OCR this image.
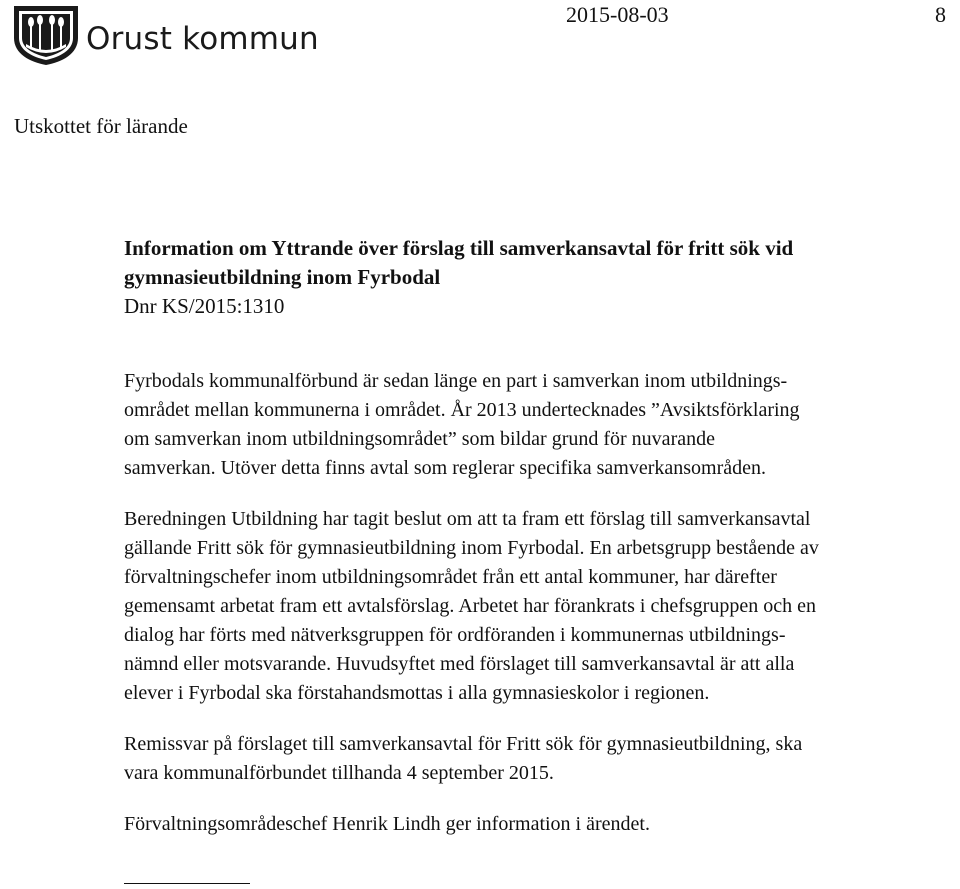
Orust kommun
2015-08-03	8
Utskottet för lärande

Information om Yttrande över förslag till samverkansavtal för fritt sök vid
gymnasieutbildning inom Fyrbodal

Dnr KS/2015:1310

Fyrbodals kommunalförbund är sedan länge en part i samverkan inom utbildnings-
området mellan kommunerna i området. År 2013 undertecknades ”Avsiktsförklaring
om samverkan inom utbildningsområdet” som bildar grund för nuvarande
samverkan. Utöver detta finns avtal som reglerar specifika samverkansområden.

Beredningen Utbildning har tagit beslut om att ta fram ett förslag till samverkansavtal
gällande Fritt sök för gymnasieutbildning inom Fyrbodal. En arbetsgrupp bestående av
förvaltningschefer inom utbildningsområdet från ett antal kommuner, har därefter
gemensamt arbetat fram ett avtalsförslag. Arbetet har förankrats i chefsgruppen och en
dialog har förts med nätverksgruppen för ordföranden i kommunernas utbildnings-
nämnd eller motsvarande. Huvudsyftet med förslaget till samverkansavtal är att alla
elever i Fyrbodal ska förstahandsmottas i alla gymnasieskolor i regionen.

Remissvar på förslaget till samverkansavtal för Fritt sök för gymnasieutbildning, ska
vara kommunalförbundet tillhanda 4 september 2015.

Förvaltningsområdeschef Henrik Lindh ger information i ärendet.
